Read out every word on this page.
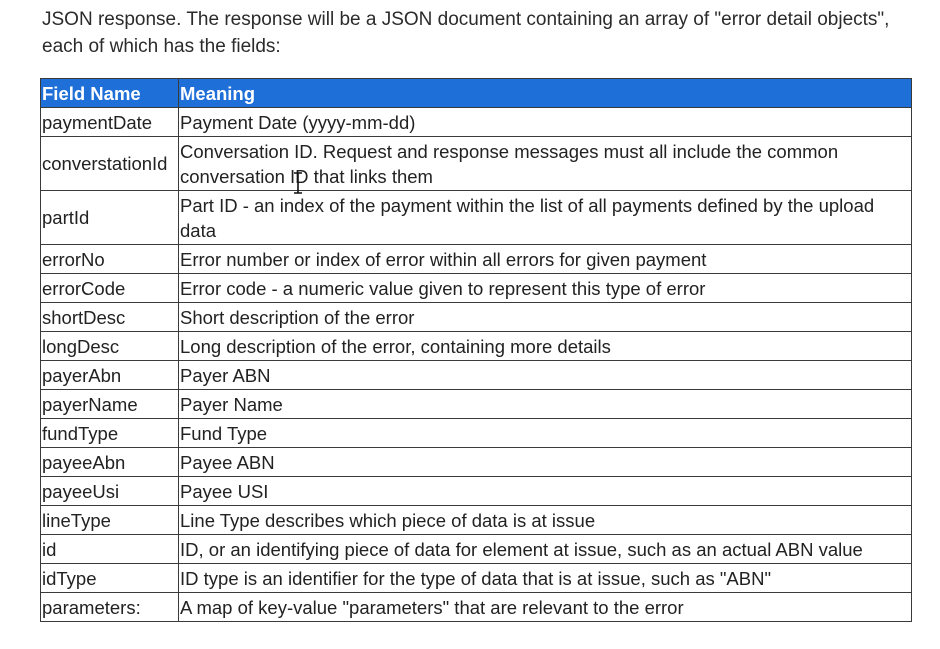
JSON response. The response will be a JSON document containing an array of "error detail objects", each of which has the fields:

Field Name	Meaning
paymentDate	Payment Date (yyyy-mm-dd)
converstationId	Conversation ID. Request and response messages must all include the common conversation ID that links them
partId	Part ID - an index of the payment within the list of all payments defined by the upload data
errorNo	Error number or index of error within all errors for given payment
errorCode	Error code - a numeric value given to represent this type of error
shortDesc	Short description of the error
longDesc	Long description of the error, containing more details
payerAbn	Payer ABN
payerName	Payer Name
fundType	Fund Type
payeeAbn	Payee ABN
payeeUsi	Payee USI
lineType	Line Type describes which piece of data is at issue
id	ID, or an identifying piece of data for element at issue, such as an actual ABN value
idType	ID type is an identifier for the type of data that is at issue, such as "ABN"
parameters:	A map of key-value "parameters" that are relevant to the error
